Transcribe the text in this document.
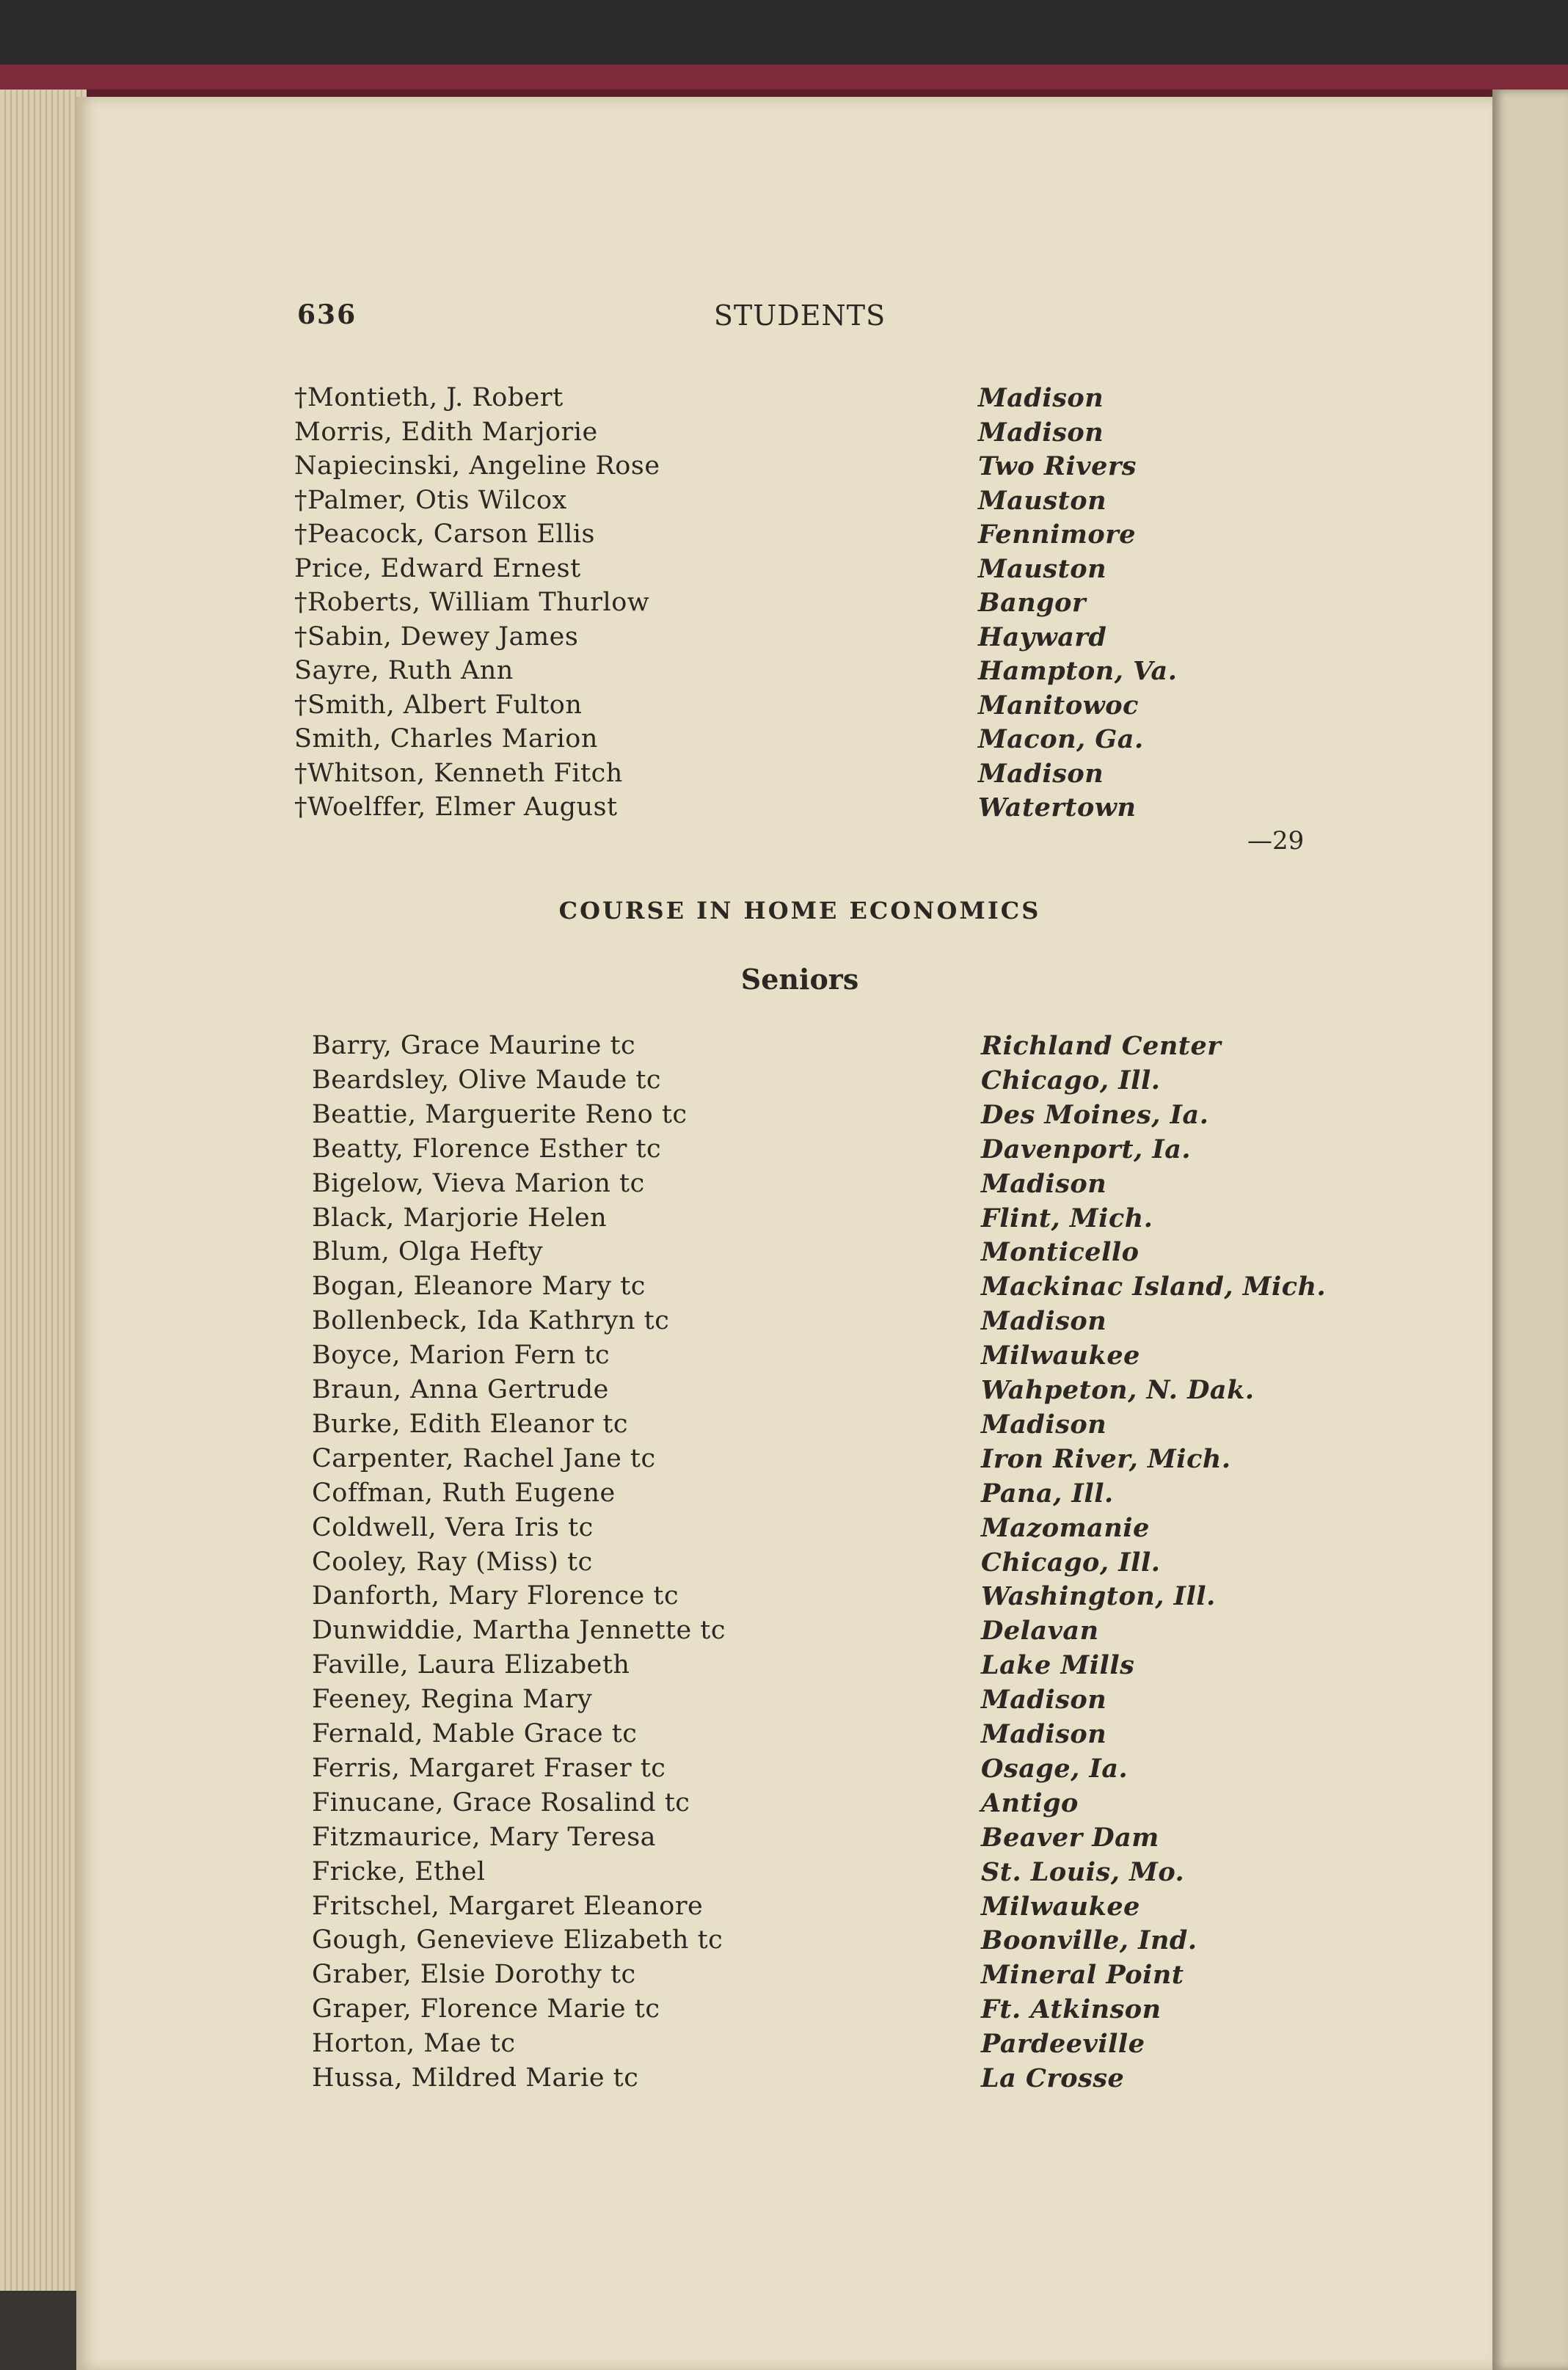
636	STUDENTS
†Montieth, J. Robert	Madison
Morris, Edith Marjorie	Madison
Napiecinski, Angeline Rose	Two Rivers
†Palmer, Otis Wilcox	Mauston
†Peacock, Carson Ellis	Fennimore
Price, Edward Ernest	Mauston
†Roberts, William Thurlow	Bangor
†Sabin, Dewey James	Hayward
Sayre, Ruth Ann	Hampton, Va.
†Smith, Albert Fulton	Manitowoc
Smith, Charles Marion	Macon, Ga.
†Whitson, Kenneth Fitch	Madison
†Woelffer, Elmer August	Watertown
—29
COURSE IN HOME ECONOMICS
Seniors
Barry, Grace Maurine tc	Richland Center
Beardsley, Olive Maude tc	Chicago, Ill.
Beattie, Marguerite Reno tc	Des Moines, Ia.
Beatty, Florence Esther tc	Davenport, Ia.
Bigelow, Vieva Marion tc	Madison
Black, Marjorie Helen	Flint, Mich.
Blum, Olga Hefty	Monticello
Bogan, Eleanore Mary tc	Mackinac Island, Mich.
Bollenbeck, Ida Kathryn tc	Madison
Boyce, Marion Fern tc	Milwaukee
Braun, Anna Gertrude	Wahpeton, N. Dak.
Burke, Edith Eleanor tc	Madison
Carpenter, Rachel Jane tc	Iron River, Mich.
Coffman, Ruth Eugene	Pana, Ill.
Coldwell, Vera Iris tc	Mazomanie
Cooley, Ray (Miss) tc	Chicago, Ill.
Danforth, Mary Florence tc	Washington, Ill.
Dunwiddie, Martha Jennette tc	Delavan
Faville, Laura Elizabeth	Lake Mills
Feeney, Regina Mary	Madison
Fernald, Mable Grace tc	Madison
Ferris, Margaret Fraser tc	Osage, Ia.
Finucane, Grace Rosalind tc	Antigo
Fitzmaurice, Mary Teresa	Beaver Dam
Fricke, Ethel	St. Louis, Mo.
Fritschel, Margaret Eleanore	Milwaukee
Gough, Genevieve Elizabeth tc	Boonville, Ind.
Graber, Elsie Dorothy tc	Mineral Point
Graper, Florence Marie tc	Ft. Atkinson
Horton, Mae tc	Pardeeville
Hussa, Mildred Marie tc	La Crosse
